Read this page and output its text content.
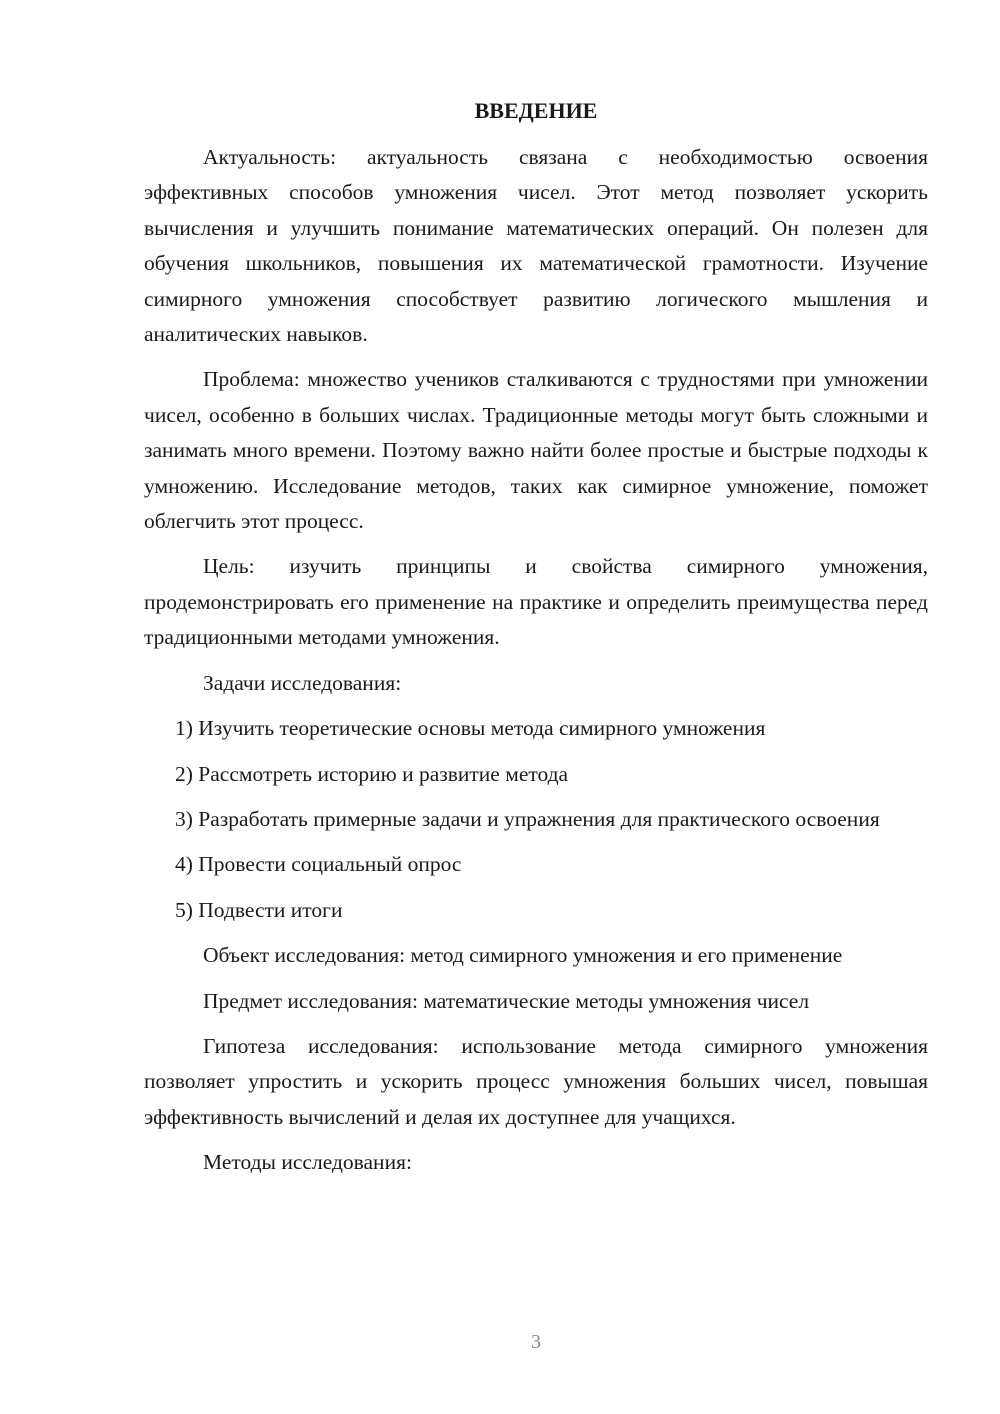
ВВЕДЕНИЕ

Актуальность: актуальность связана с необходимостью освоения эффективных способов умножения чисел. Этот метод позволяет ускорить вычисления и улучшить понимание математических операций. Он полезен для обучения школьников, повышения их математической грамотности. Изучение симирного умножения способствует развитию логического мышления и аналитических навыков.

Проблема: множество учеников сталкиваются с трудностями при умножении чисел, особенно в больших числах. Традиционные методы могут быть сложными и занимать много времени. Поэтому важно найти более простые и быстрые подходы к умножению. Исследование методов, таких как симирное умножение, поможет облегчить этот процесс.

Цель: изучить принципы и свойства симирного умножения, продемонстрировать его применение на практике и определить преимущества перед традиционными методами умножения.

Задачи исследования:

1) Изучить теоретические основы метода симирного умножения

2) Рассмотреть историю и развитие метода

3) Разработать примерные задачи и упражнения для практического освоения

4) Провести социальный опрос

5) Подвести итоги

Объект исследования: метод симирного умножения и его применение

Предмет исследования: математические методы умножения чисел

Гипотеза исследования: использование метода симирного умножения позволяет упростить и ускорить процесс умножения больших чисел, повышая эффективность вычислений и делая их доступнее для учащихся.

Методы исследования:

3
